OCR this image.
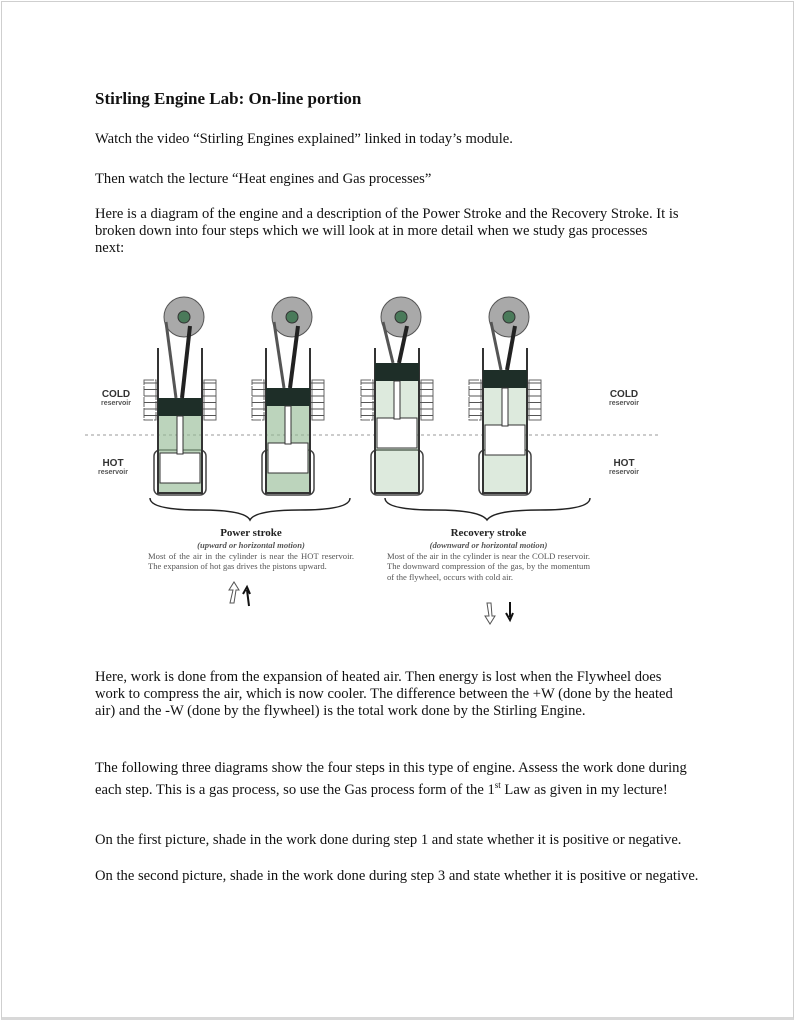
Stirling Engine Lab: On-line portion

Watch the video “Stirling Engines explained” linked in today’s module.

Then watch the lecture “Heat engines and Gas processes”

Here is a diagram of the engine and a description of the Power Stroke and the Recovery Stroke. It is broken down into four steps which we will look at in more detail when we study gas processes next:

COLD
reservoir
COLD
reservoir
HOT
reservoir
HOT
reservoir
Power stroke
(upward or horizontal motion)
Most of the air in the cylinder is near the HOT reservoir. The expansion of hot gas drives the pistons upward.
Recovery stroke
(downward or horizontal motion)
Most of the air in the cylinder is near the COLD reservoir. The downward compression of the gas, by the momentum of the flywheel, occurs with cold air.

Here, work is done from the expansion of heated air. Then energy is lost when the Flywheel does work to compress the air, which is now cooler. The difference between the +W (done by the heated air) and the -W (done by the flywheel) is the total work done by the Stirling Engine.

The following three diagrams show the four steps in this type of engine. Assess the work done during each step. This is a gas process, so use the Gas process form of the 1st Law as given in my lecture!

On the first picture, shade in the work done during step 1 and state whether it is positive or negative.

On the second picture, shade in the work done during step 3 and state whether it is positive or negative.
